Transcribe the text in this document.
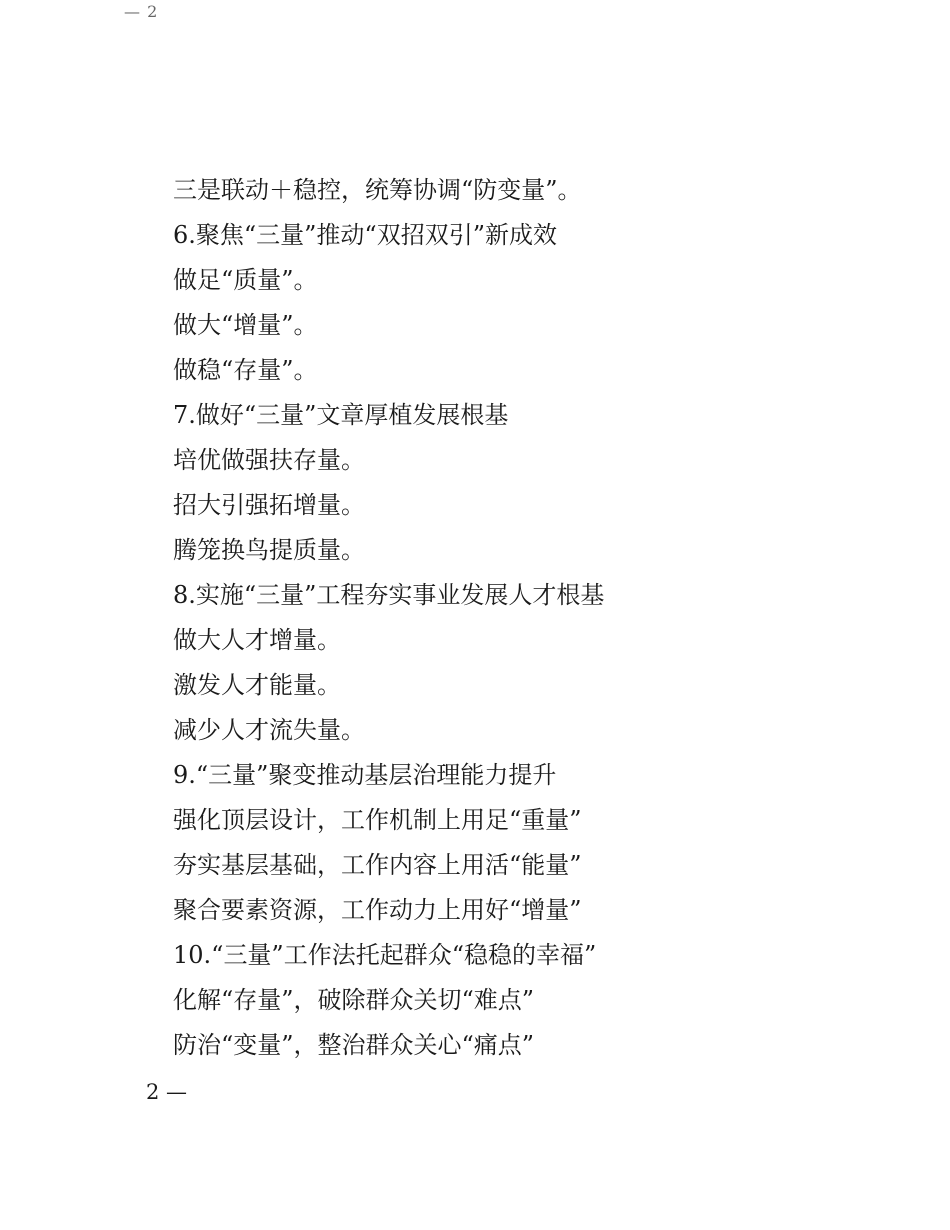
— 2
三是联动＋稳控，统筹协调“防变量”。
6.聚焦“三量”推动“双招双引”新成效
做足“质量”。
做大“增量”。
做稳“存量”。
7.做好“三量”文章厚植发展根基
培优做强扶存量。
招大引强拓增量。
腾笼换鸟提质量。
8.实施“三量”工程夯实事业发展人才根基
做大人才增量。
激发人才能量。
减少人才流失量。
9.“三量”聚变推动基层治理能力提升
强化顶层设计，工作机制上用足“重量”
夯实基层基础，工作内容上用活“能量”
聚合要素资源，工作动力上用好“增量”
10.“三量”工作法托起群众“稳稳的幸福”
化解“存量”，破除群众关切“难点”
防治“变量”，整治群众关心“痛点”
2 —
